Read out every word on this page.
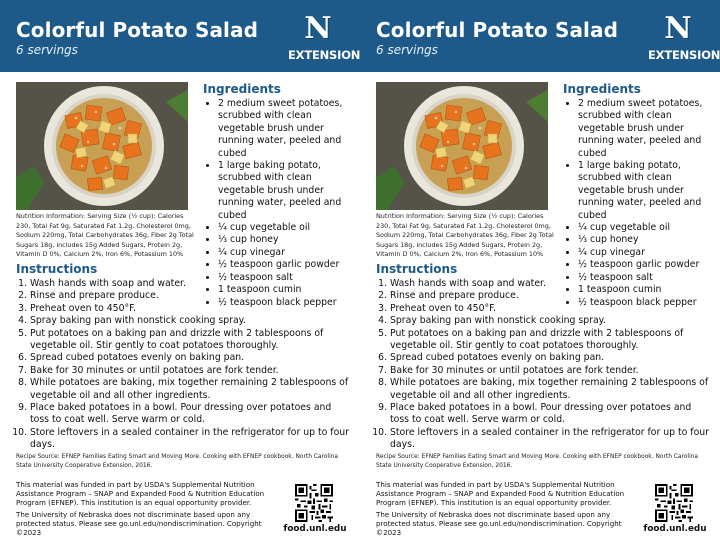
Colorful Potato Salad
6 servings
N
EXTENSION
Nutrition Information: Serving Size (½ cup): Calories 230, Total Fat 9g, Saturated Fat 1.2g, Cholesterol 0mg, Sodium 220mg, Total Carbohydrates 36g, Fiber 2g Total Sugars 18g, includes 15g Added Sugars, Protein 2g, Vitamin D 0%, Calcium 2%, Iron 6%, Potassium 10%
Ingredients
• 2 medium sweet potatoes, scrubbed with clean vegetable brush under running water, peeled and cubed
• 1 large baking potato, scrubbed with clean vegetable brush under running water, peeled and cubed
• ¼ cup vegetable oil
• ⅓ cup honey
• ¼ cup vinegar
• ½ teaspoon garlic powder
• ½ teaspoon salt
• 1 teaspoon cumin
• ½ teaspoon black pepper
Instructions
1. Wash hands with soap and water.
2. Rinse and prepare produce.
3. Preheat oven to 450°F.
4. Spray baking pan with nonstick cooking spray.
5. Put potatoes on a baking pan and drizzle with 2 tablespoons of vegetable oil. Stir gently to coat potatoes thoroughly.
6. Spread cubed potatoes evenly on baking pan.
7. Bake for 30 minutes or until potatoes are fork tender.
8. While potatoes are baking, mix together remaining 2 tablespoons of vegetable oil and all other ingredients.
9. Place baked potatoes in a bowl. Pour dressing over potatoes and toss to coat well. Serve warm or cold.
10. Store leftovers in a sealed container in the refrigerator for up to four days.
Recipe Source: EFNEP Families Eating Smart and Moving More. Cooking with EFNEP cookbook. North Carolina State University Cooperative Extension, 2016.
This material was funded in part by USDA's Supplemental Nutrition Assistance Program – SNAP and Expanded Food & Nutrition Education Program (EFNEP). This institution is an equal opportunity provider.
The University of Nebraska does not discriminate based upon any protected status. Please see go.unl.edu/nondiscrimination. Copyright ©2023	food.unl.edu
Colorful Potato Salad
6 servings
N
EXTENSION
Nutrition Information: Serving Size (½ cup): Calories 230, Total Fat 9g, Saturated Fat 1.2g, Cholesterol 0mg, Sodium 220mg, Total Carbohydrates 36g, Fiber 2g Total Sugars 18g, includes 15g Added Sugars, Protein 2g, Vitamin D 0%, Calcium 2%, Iron 6%, Potassium 10%
Ingredients
• 2 medium sweet potatoes, scrubbed with clean vegetable brush under running water, peeled and cubed
• 1 large baking potato, scrubbed with clean vegetable brush under running water, peeled and cubed
• ¼ cup vegetable oil
• ⅓ cup honey
• ¼ cup vinegar
• ½ teaspoon garlic powder
• ½ teaspoon salt
• 1 teaspoon cumin
• ½ teaspoon black pepper
Instructions
1. Wash hands with soap and water.
2. Rinse and prepare produce.
3. Preheat oven to 450°F.
4. Spray baking pan with nonstick cooking spray.
5. Put potatoes on a baking pan and drizzle with 2 tablespoons of vegetable oil. Stir gently to coat potatoes thoroughly.
6. Spread cubed potatoes evenly on baking pan.
7. Bake for 30 minutes or until potatoes are fork tender.
8. While potatoes are baking, mix together remaining 2 tablespoons of vegetable oil and all other ingredients.
9. Place baked potatoes in a bowl. Pour dressing over potatoes and toss to coat well. Serve warm or cold.
10. Store leftovers in a sealed container in the refrigerator for up to four days.
Recipe Source: EFNEP Families Eating Smart and Moving More. Cooking with EFNEP cookbook. North Carolina State University Cooperative Extension, 2016.
This material was funded in part by USDA's Supplemental Nutrition Assistance Program – SNAP and Expanded Food & Nutrition Education Program (EFNEP). This institution is an equal opportunity provider.
The University of Nebraska does not discriminate based upon any protected status. Please see go.unl.edu/nondiscrimination. Copyright ©2023	food.unl.edu
